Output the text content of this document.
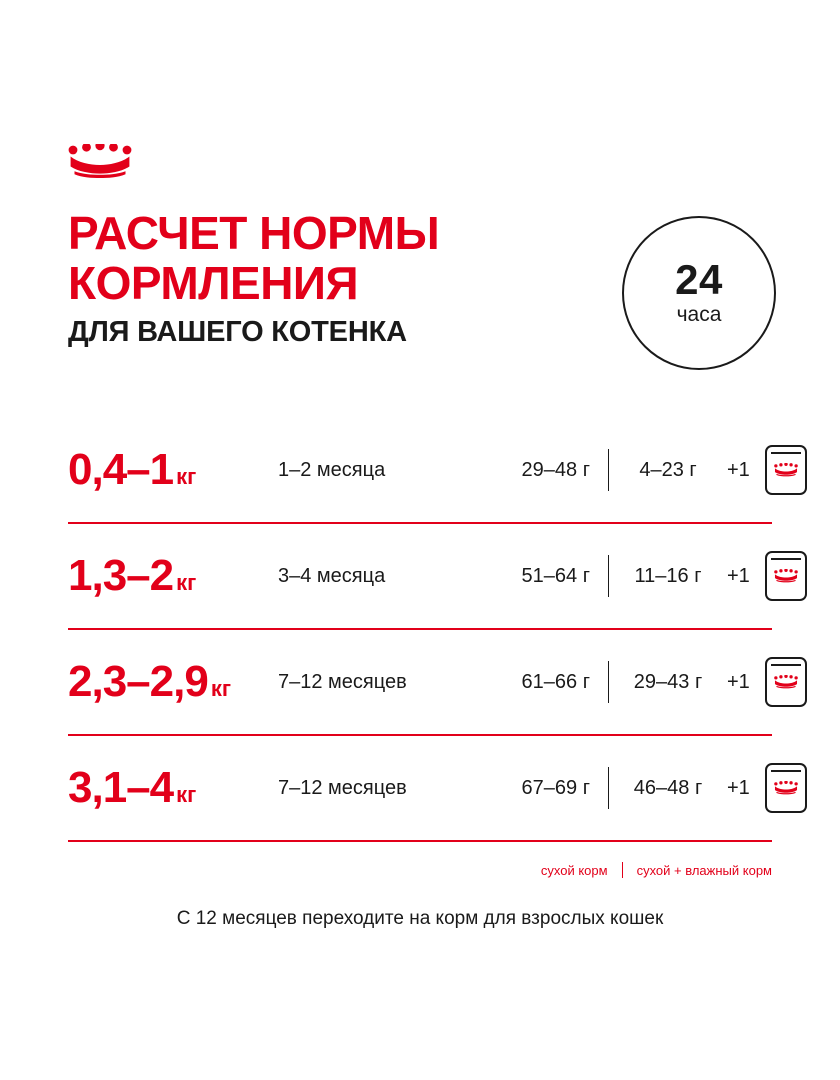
РАСЧЕТ НОРМЫ
КОРМЛЕНИЯ
ДЛЯ ВАШЕГО КОТЕНКА
24
часа
0,4–1 кг	1–2 месяца	29–48 г	4–23 г	+1
1,3–2 кг	3–4 месяца	51–64 г	11–16 г	+1
2,3–2,9 кг	7–12 месяцев	61–66 г	29–43 г	+1
3,1–4 кг	7–12 месяцев	67–69 г	46–48 г	+1
сухой корм	сухой + влажный корм
С 12 месяцев переходите на корм для взрослых кошек
